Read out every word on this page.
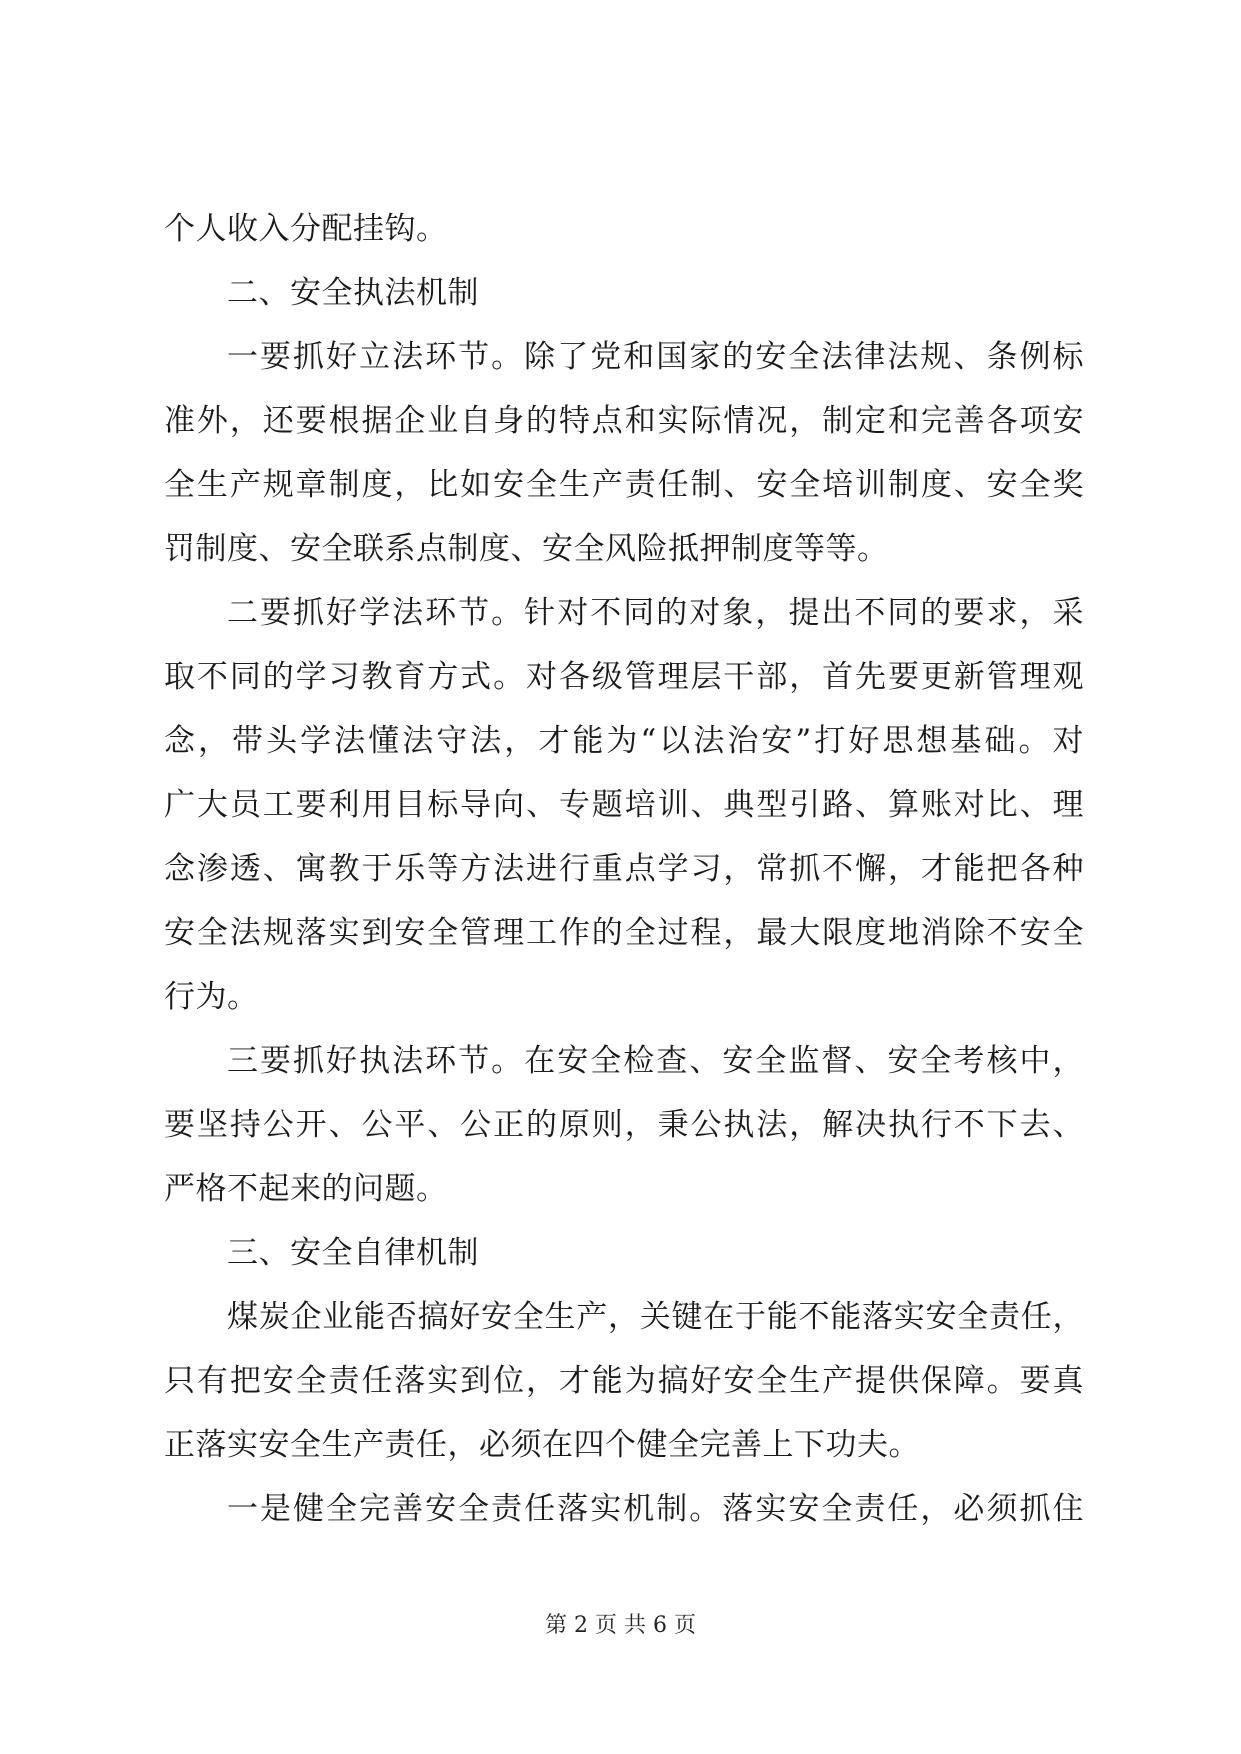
个人收入分配挂钩。
二、安全执法机制
一要抓好立法环节。除了党和国家的安全法律法规、条例标
准外，还要根据企业自身的特点和实际情况，制定和完善各项安
全生产规章制度，比如安全生产责任制、安全培训制度、安全奖
罚制度、安全联系点制度、安全风险抵押制度等等。
二要抓好学法环节。针对不同的对象，提出不同的要求，采
取不同的学习教育方式。对各级管理层干部，首先要更新管理观
念，带头学法懂法守法，才能为“以法治安”打好思想基础。对
广大员工要利用目标导向、专题培训、典型引路、算账对比、理
念渗透、寓教于乐等方法进行重点学习，常抓不懈，才能把各种
安全法规落实到安全管理工作的全过程，最大限度地消除不安全
行为。
三要抓好执法环节。在安全检查、安全监督、安全考核中，
要坚持公开、公平、公正的原则，秉公执法，解决执行不下去、
严格不起来的问题。
三、安全自律机制
煤炭企业能否搞好安全生产，关键在于能不能落实安全责任，
只有把安全责任落实到位，才能为搞好安全生产提供保障。要真
正落实安全生产责任，必须在四个健全完善上下功夫。
一是健全完善安全责任落实机制。落实安全责任，必须抓住
第 2 页 共 6 页
